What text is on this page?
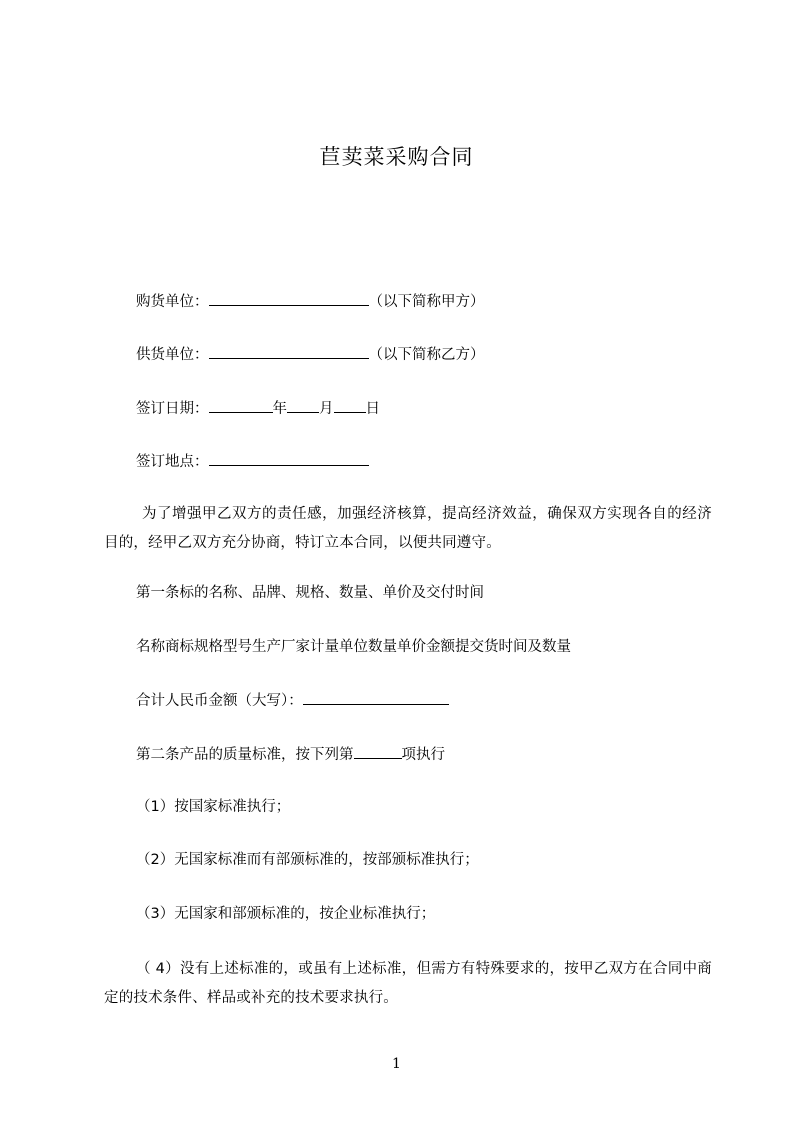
苣荬菜采购合同
购货单位：	（以下简称甲方）
供货单位：	（以下简称乙方）
签订日期：	年 月 日
签订地点：
为了增强甲乙双方的责任感，加强经济核算，提高经济效益，确保双方实现各自的经济目的，经甲乙双方充分协商，特订立本合同，以便共同遵守。
第一条标的名称、品牌、规格、数量、单价及交付时间
名称商标规格型号生产厂家计量单位数量单价金额提交货时间及数量
合计人民币金额（大写）：
第二条产品的质量标准，按下列第	项执行
（1）按国家标准执行；
（2）无国家标准而有部颁标准的，按部颁标准执行；
（3）无国家和部颁标准的，按企业标准执行；
（ 4）没有上述标准的，或虽有上述标准，但需方有特殊要求的，按甲乙双方在合同中商定的技术条件、样品或补充的技术要求执行。
1
